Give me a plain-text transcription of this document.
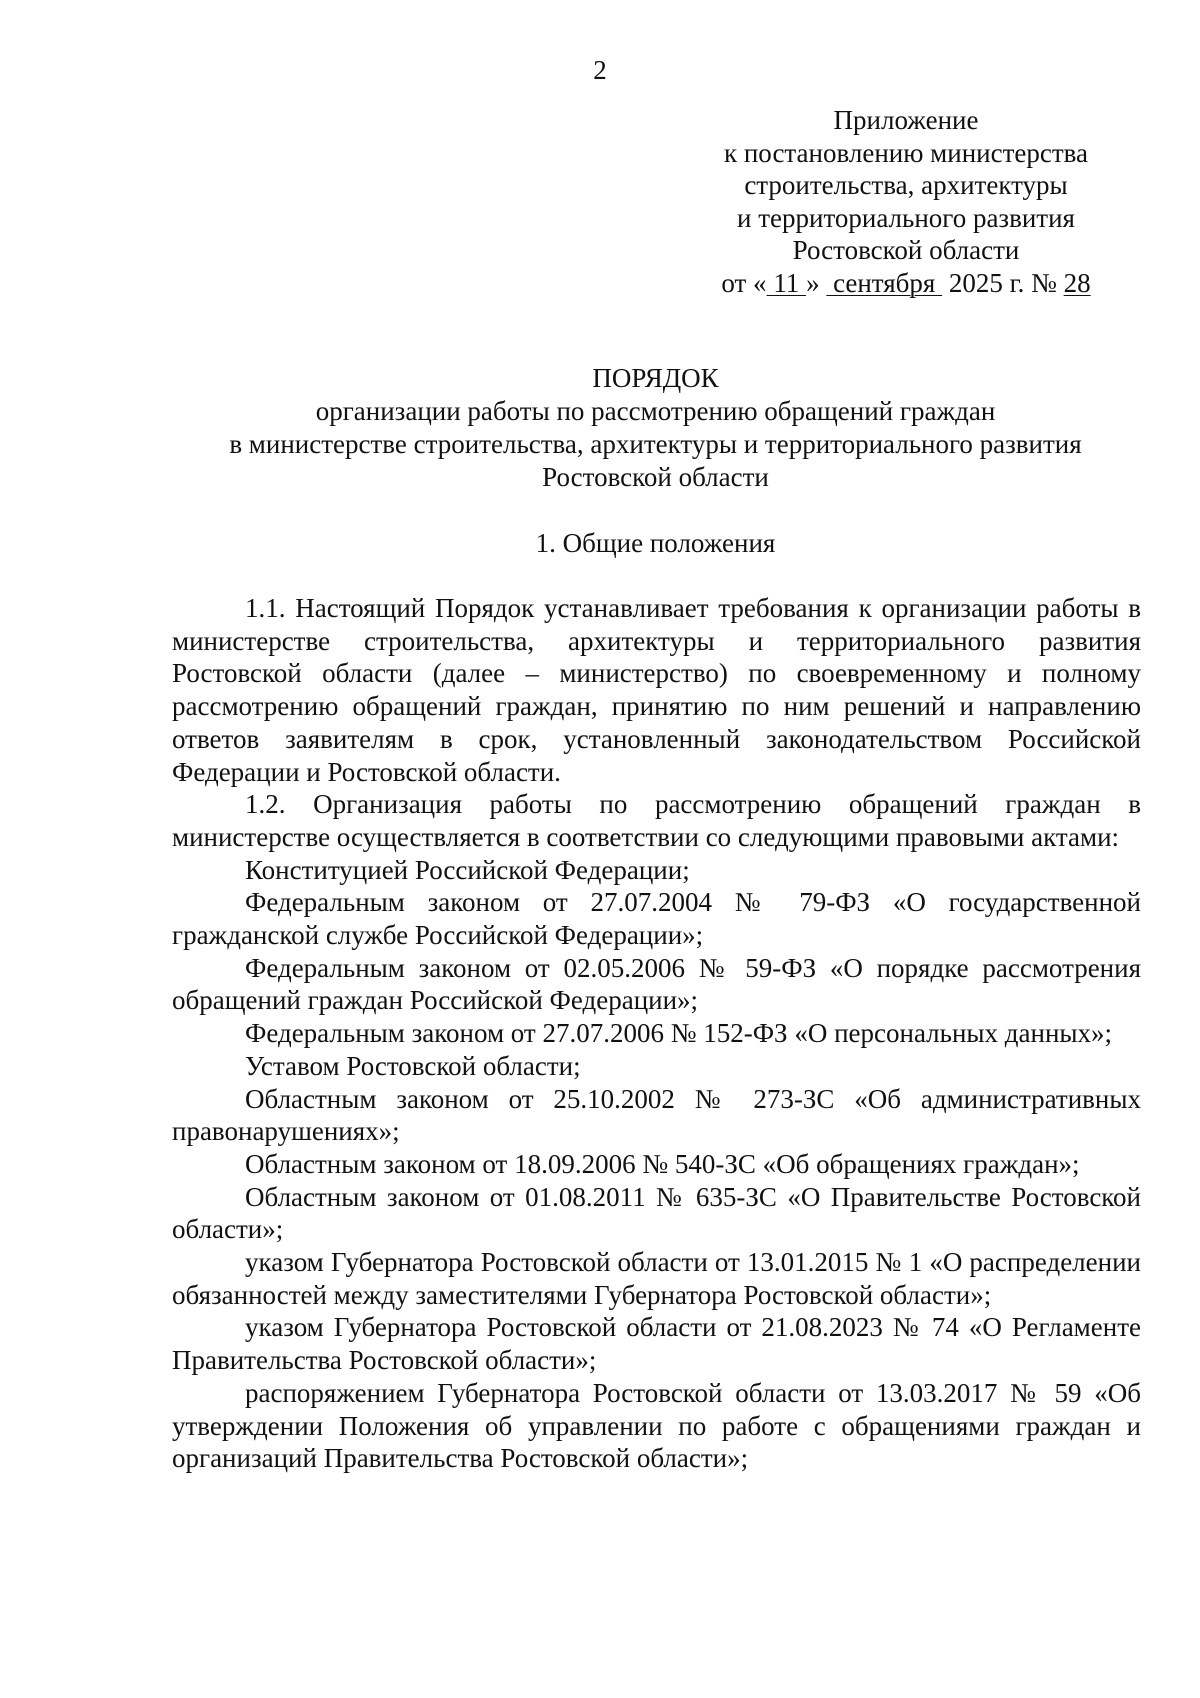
2
Приложение
к постановлению министерства
строительства, архитектуры
и территориального развития
Ростовской области
от « 11 »  сентября  2025 г. № 28
ПОРЯДОК
организации работы по рассмотрению обращений граждан
в министерстве строительства, архитектуры и территориального развития
Ростовской области
1. Общие положения

1.1. Настоящий Порядок устанавливает требования к организации работы в министерстве строительства, архитектуры и территориального развития Ростовской области (далее – министерство) по своевременному и полному рассмотрению обращений граждан, принятию по ним решений и направлению ответов заявителям в срок, установленный законодательством Российской Федерации и Ростовской области.

1.2. Организация работы по рассмотрению обращений граждан в министерстве осуществляется в соответствии со следующими правовыми актами:

Конституцией Российской Федерации;

Федеральным законом от 27.07.2004 № 79-ФЗ «О государственной гражданской службе Российской Федерации»;

Федеральным законом от 02.05.2006 № 59-ФЗ «О порядке рассмотрения обращений граждан Российской Федерации»;

Федеральным законом от 27.07.2006 № 152-ФЗ «О персональных данных»;

Уставом Ростовской области;

Областным законом от 25.10.2002 № 273-ЗС «Об административных правонарушениях»;

Областным законом от 18.09.2006 № 540-ЗС «Об обращениях граждан»;

Областным законом от 01.08.2011 № 635-ЗС «О Правительстве Ростовской области»;

указом Губернатора Ростовской области от 13.01.2015 № 1 «О распределении обязанностей между заместителями Губернатора Ростовской области»;

указом Губернатора Ростовской области от 21.08.2023 № 74 «О Регламенте Правительства Ростовской области»;

распоряжением Губернатора Ростовской области от 13.03.2017 № 59 «Об утверждении Положения об управлении по работе с обращениями граждан и организаций Правительства Ростовской области»;
